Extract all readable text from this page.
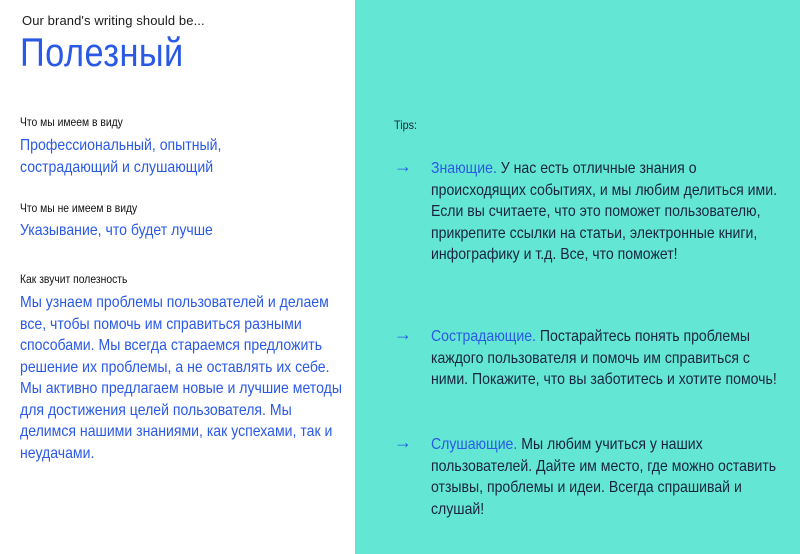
Our brand's writing should be...
Полезный
Что мы имеем в виду
Профессиональный, опытный, сострадающий и слушающий
Что мы не имеем в виду
Указывание, что будет лучше
Как звучит полезность
Мы узнаем проблемы пользователей и делаем все, чтобы помочь им справиться разными способами. Мы всегда стараемся предложить решение их проблемы, а не оставлять их себе. Мы активно предлагаем новые и лучшие методы для достижения целей пользователя. Мы делимся нашими знаниями, как успехами, так и неудачами.
Tips:
→ Знающие. У нас есть отличные знания о происходящих событиях, и мы любим делиться ими. Если вы считаете, что это поможет пользователю, прикрепите ссылки на статьи, электронные книги, инфографику и т.д. Все, что поможет!
→ Сострадающие. Постарайтесь понять проблемы каждого пользователя и помочь им справиться с ними. Покажите, что вы заботитесь и хотите помочь!
→ Слушающие. Мы любим учиться у наших пользователей. Дайте им место, где можно оставить отзывы, проблемы и идеи. Всегда спрашивай и слушай!
